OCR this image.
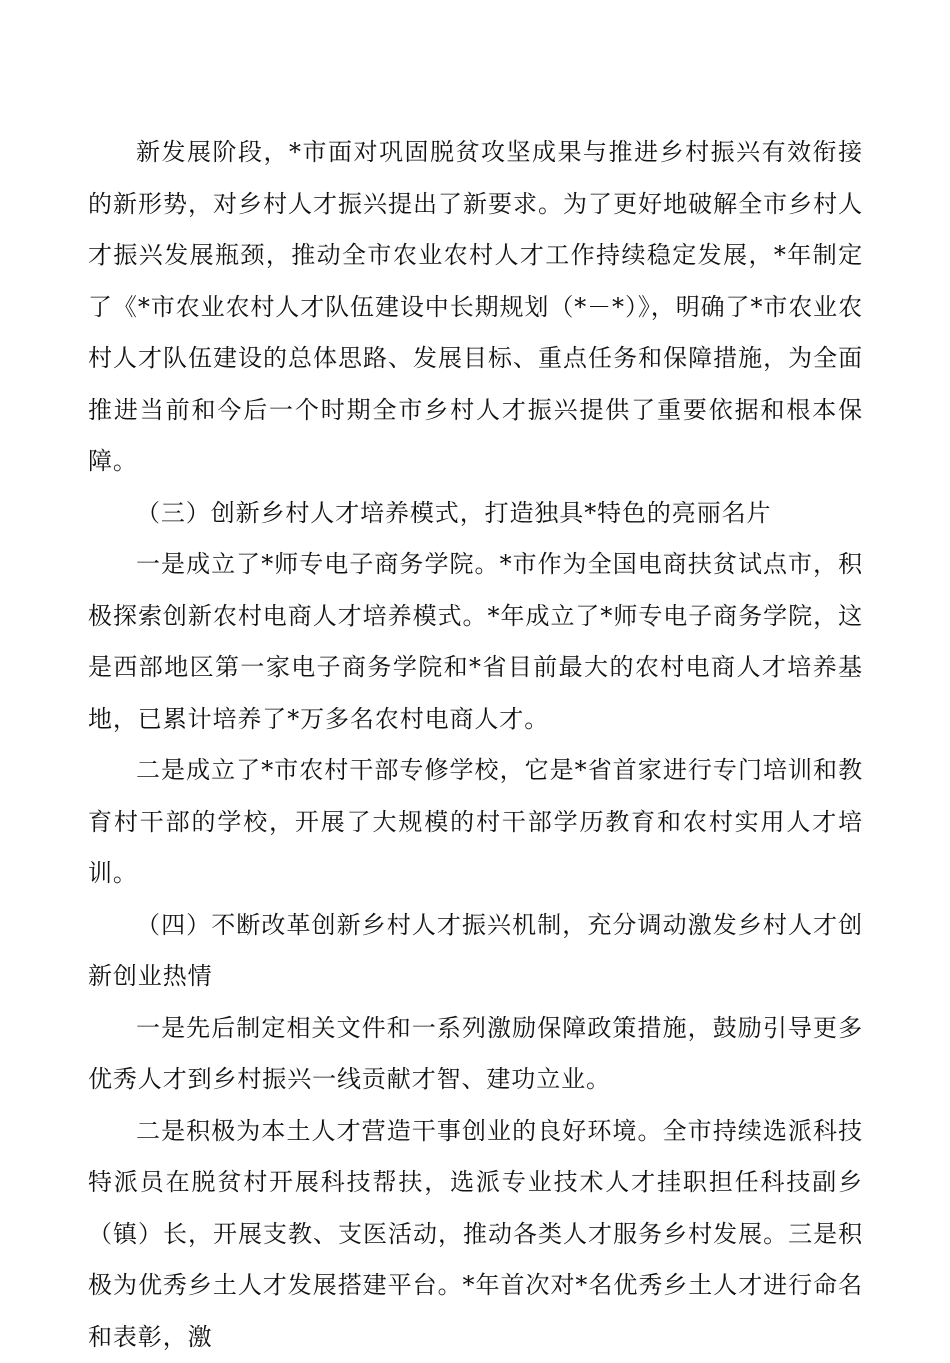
新发展阶段，*市面对巩固脱贫攻坚成果与推进乡村振兴有效衔接的新形势，对乡村人才振兴提出了新要求。为了更好地破解全市乡村人才振兴发展瓶颈，推动全市农业农村人才工作持续稳定发展，*年制定了《*市农业农村人才队伍建设中长期规划（*－*）》，明确了*市农业农村人才队伍建设的总体思路、发展目标、重点任务和保障措施，为全面推进当前和今后一个时期全市乡村人才振兴提供了重要依据和根本保障。

（三）创新乡村人才培养模式，打造独具*特色的亮丽名片

一是成立了*师专电子商务学院。*市作为全国电商扶贫试点市，积极探索创新农村电商人才培养模式。*年成立了*师专电子商务学院，这是西部地区第一家电子商务学院和*省目前最大的农村电商人才培养基地，已累计培养了*万多名农村电商人才。

二是成立了*市农村干部专修学校，它是*省首家进行专门培训和教育村干部的学校，开展了大规模的村干部学历教育和农村实用人才培训。

（四）不断改革创新乡村人才振兴机制，充分调动激发乡村人才创新创业热情

一是先后制定相关文件和一系列激励保障政策措施，鼓励引导更多优秀人才到乡村振兴一线贡献才智、建功立业。

二是积极为本土人才营造干事创业的良好环境。全市持续选派科技特派员在脱贫村开展科技帮扶，选派专业技术人才挂职担任科技副乡（镇）长，开展支教、支医活动，推动各类人才服务乡村发展。三是积极为优秀乡土人才发展搭建平台。*年首次对*名优秀乡土人才进行命名和表彰，激
